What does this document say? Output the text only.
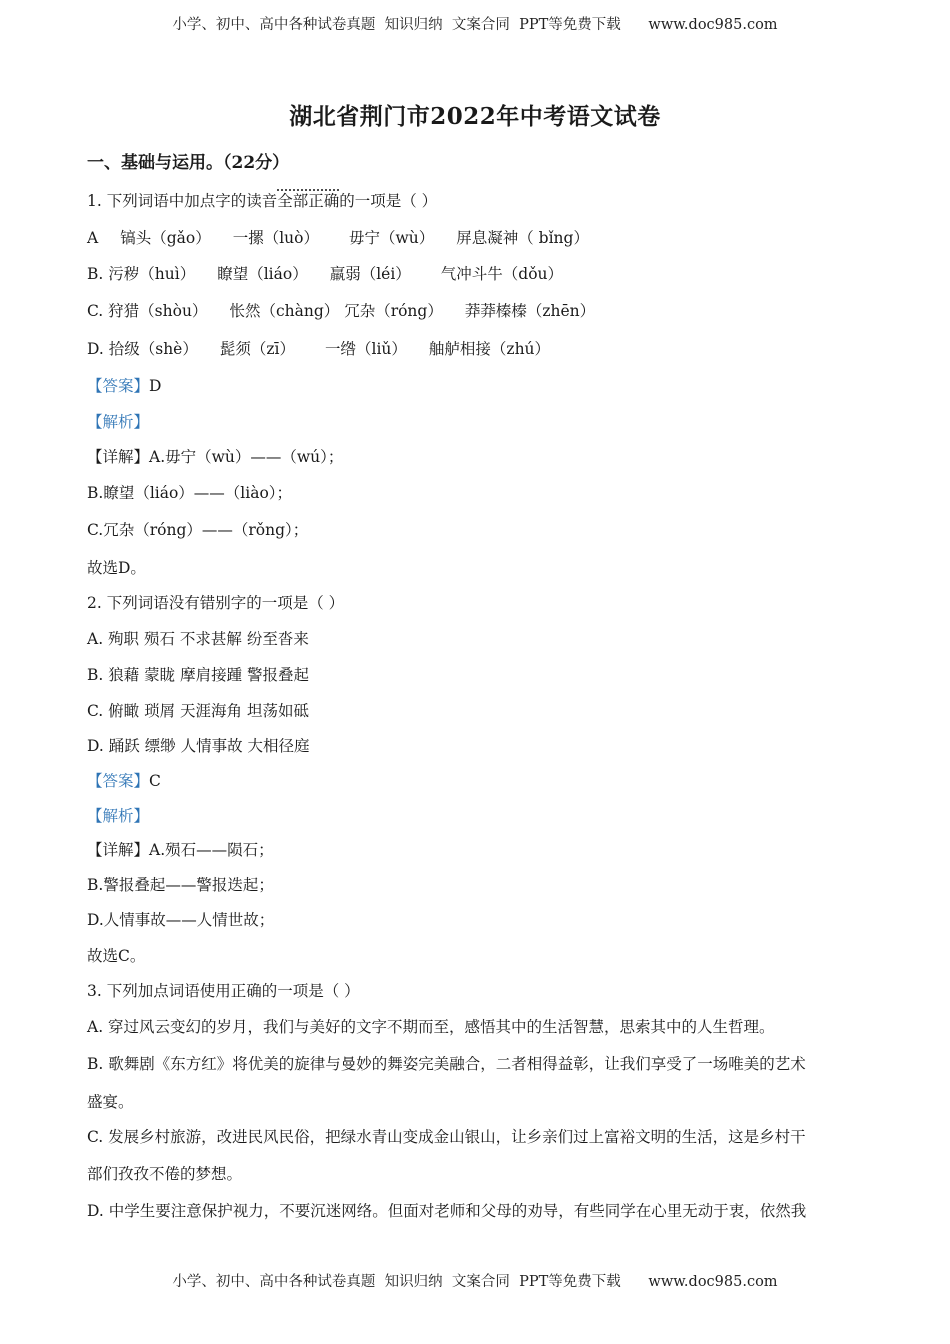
小学、初中、高中各种试卷真题  知识归纳  文案合同  PPT等免费下载      www.doc985.com
湖北省荆门市2022年中考语文试卷
一、基础与运用。（22分）
1. 下列词语中加点字的读音全部正确的一项是（ ）
A 镐头（gǎo） 一摞（luò） 毋宁（wù） 屏息凝神（ bǐng）
B. 污秽（huì） 瞭望（liáo） 羸弱（léi） 气冲斗牛（dǒu）
C. 狩猎（shòu） 怅然（chàng） 冗杂（róng） 莽莽榛榛（zhēn）
D. 拾级（shè） 髭须（zī） 一绺（liǔ） 舳舻相接（zhú）
【答案】D
【解析】
【详解】A.毋宁（wù）——（wú）；
B.瞭望（liáo）——（liào）；
C.冗杂（róng）——（rǒng）；
故选D。
2. 下列词语没有错别字的一项是（ ）
A. 殉职 殒石 不求甚解 纷至沓来
B. 狼藉 蒙眬 摩肩接踵 警报叠起
C. 俯瞰 琐屑 天涯海角 坦荡如砥
D. 踊跃 缥缈 人情事故 大相径庭
【答案】C
【解析】
【详解】A.殒石——陨石；
B.警报叠起——警报迭起；
D.人情事故——人情世故；
故选C。
3. 下列加点词语使用正确的一项是（ ）
A. 穿过风云变幻的岁月，我们与美好的文字不期而至，感悟其中的生活智慧，思索其中的人生哲理。
B. 歌舞剧《东方红》将优美的旋律与曼妙的舞姿完美融合，二者相得益彰，让我们享受了一场唯美的艺术
盛宴。
C. 发展乡村旅游，改进民风民俗，把绿水青山变成金山银山，让乡亲们过上富裕文明的生活，这是乡村干
部们孜孜不倦的梦想。
D. 中学生要注意保护视力，不要沉迷网络。但面对老师和父母的劝导，有些同学在心里无动于衷，依然我
小学、初中、高中各种试卷真题  知识归纳  文案合同  PPT等免费下载      www.doc985.com
